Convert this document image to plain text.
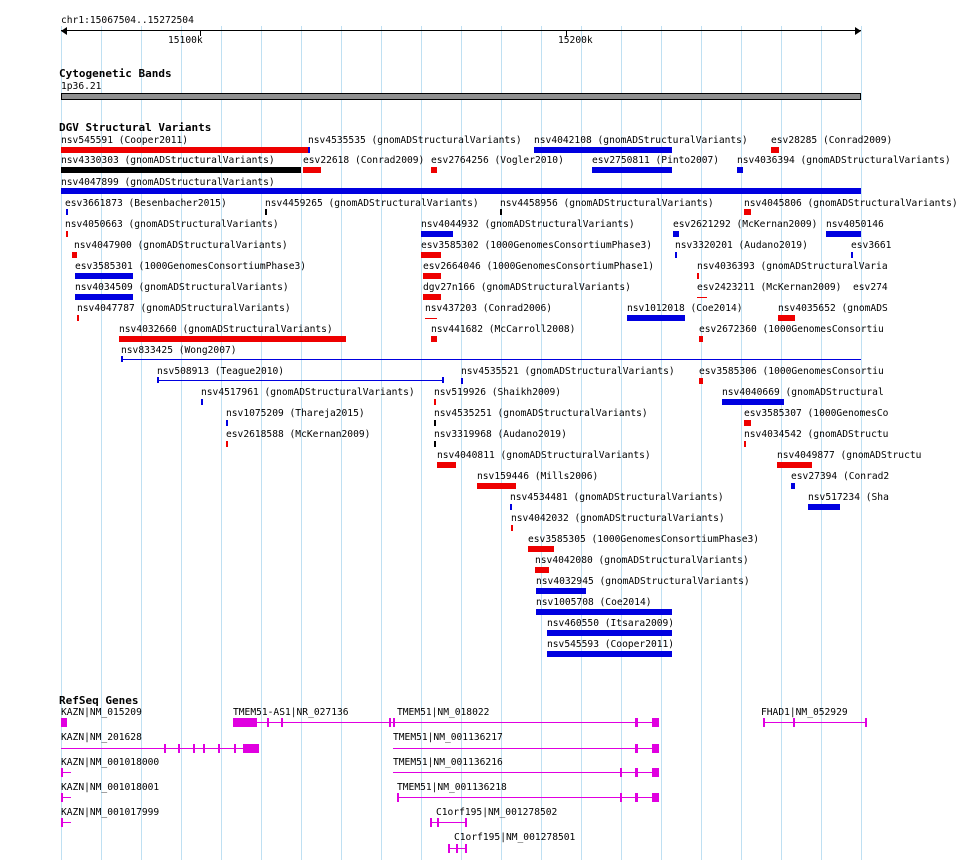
chr1:15067504..15272504
15100k	15200k
Cytogenetic Bands
1p36.21
DGV Structural Variants
nsv545591 (Cooper2011)	nsv4535535 (gnomADStructuralVariants) nsv4042108 (gnomADStructuralVariants) esv28285 (Conrad2009)
nsv4330303 (gnomADStructuralVariants)	esv22618 (Conrad2009) esv2764256 (Vogler2010)	esv2750811 (Pinto2007) nsv4036394 (gnomADStructuralVariants)
nsv4047899 (gnomADStructuralVariants)
esv3661873 (Besenbacher2015)	nsv4459265 (gnomADStructuralVariants) nsv4458956 (gnomADStructuralVariants)	nsv4045806 (gnomADStructuralVariants)
nsv4050663 (gnomADStructuralVariants)	nsv4044932 (gnomADStructuralVariants)	esv2621292 (McKernan2009) nsv4050146
nsv4047900 (gnomADStructuralVariants)	esv3585302 (1000GenomesConsortiumPhase3) nsv3320201 (Audano2019)	esv3661
esv3585301 (1000GenomesConsortiumPhase3)	esv2664046 (1000GenomesConsortiumPhase1)	nsv4036393 (gnomADStructuralVaria
nsv4034509 (gnomADStructuralVariants)	dgv27n166 (gnomADStructuralVariants)	esv2423211 (McKernan2009) esv274
nsv4047787 (gnomADStructuralVariants)	nsv437203 (Conrad2006)	nsv1012018 (Coe2014)	nsv4035652 (gnomADS
nsv4032660 (gnomADStructuralVariants)	nsv441682 (McCarroll2008)	esv2672360 (1000GenomesConsortiu
nsv833425 (Wong2007)
nsv508913 (Teague2010)	nsv4535521 (gnomADStructuralVariants)	esv3585306 (1000GenomesConsortiu
nsv4517961 (gnomADStructuralVariants) nsv519926 (Shaikh2009)	nsv4040669 (gnomADStructural
nsv1075209 (Thareja2015)	nsv4535251 (gnomADStructuralVariants)	esv3585307 (1000GenomesCo
esv2618588 (McKernan2009)	nsv3319968 (Audano2019)	nsv4034542 (gnomADStructu
nsv4040811 (gnomADStructuralVariants)	nsv4049877 (gnomADStructu
nsv159446 (Mills2006)	esv27394 (Conrad2
nsv4534481 (gnomADStructuralVariants)	nsv517234 (Sha
nsv4042032 (gnomADStructuralVariants)
esv3585305 (1000GenomesConsortiumPhase3)
nsv4042080 (gnomADStructuralVariants)
nsv4032945 (gnomADStructuralVariants)
nsv1005708 (Coe2014)
nsv460550 (Itsara2009)
nsv545593 (Cooper2011)
RefSeq Genes
KAZN|NM_015209	TMEM51-AS1|NR_027136	TMEM51|NM_018022	FHAD1|NM_052929
KAZN|NM_201628	TMEM51|NM_001136217
KAZN|NM_001018000	TMEM51|NM_001136216
KAZN|NM_001018001	TMEM51|NM_001136218
KAZN|NM_001017999	C1orf195|NM_001278502
C1orf195|NM_001278501
